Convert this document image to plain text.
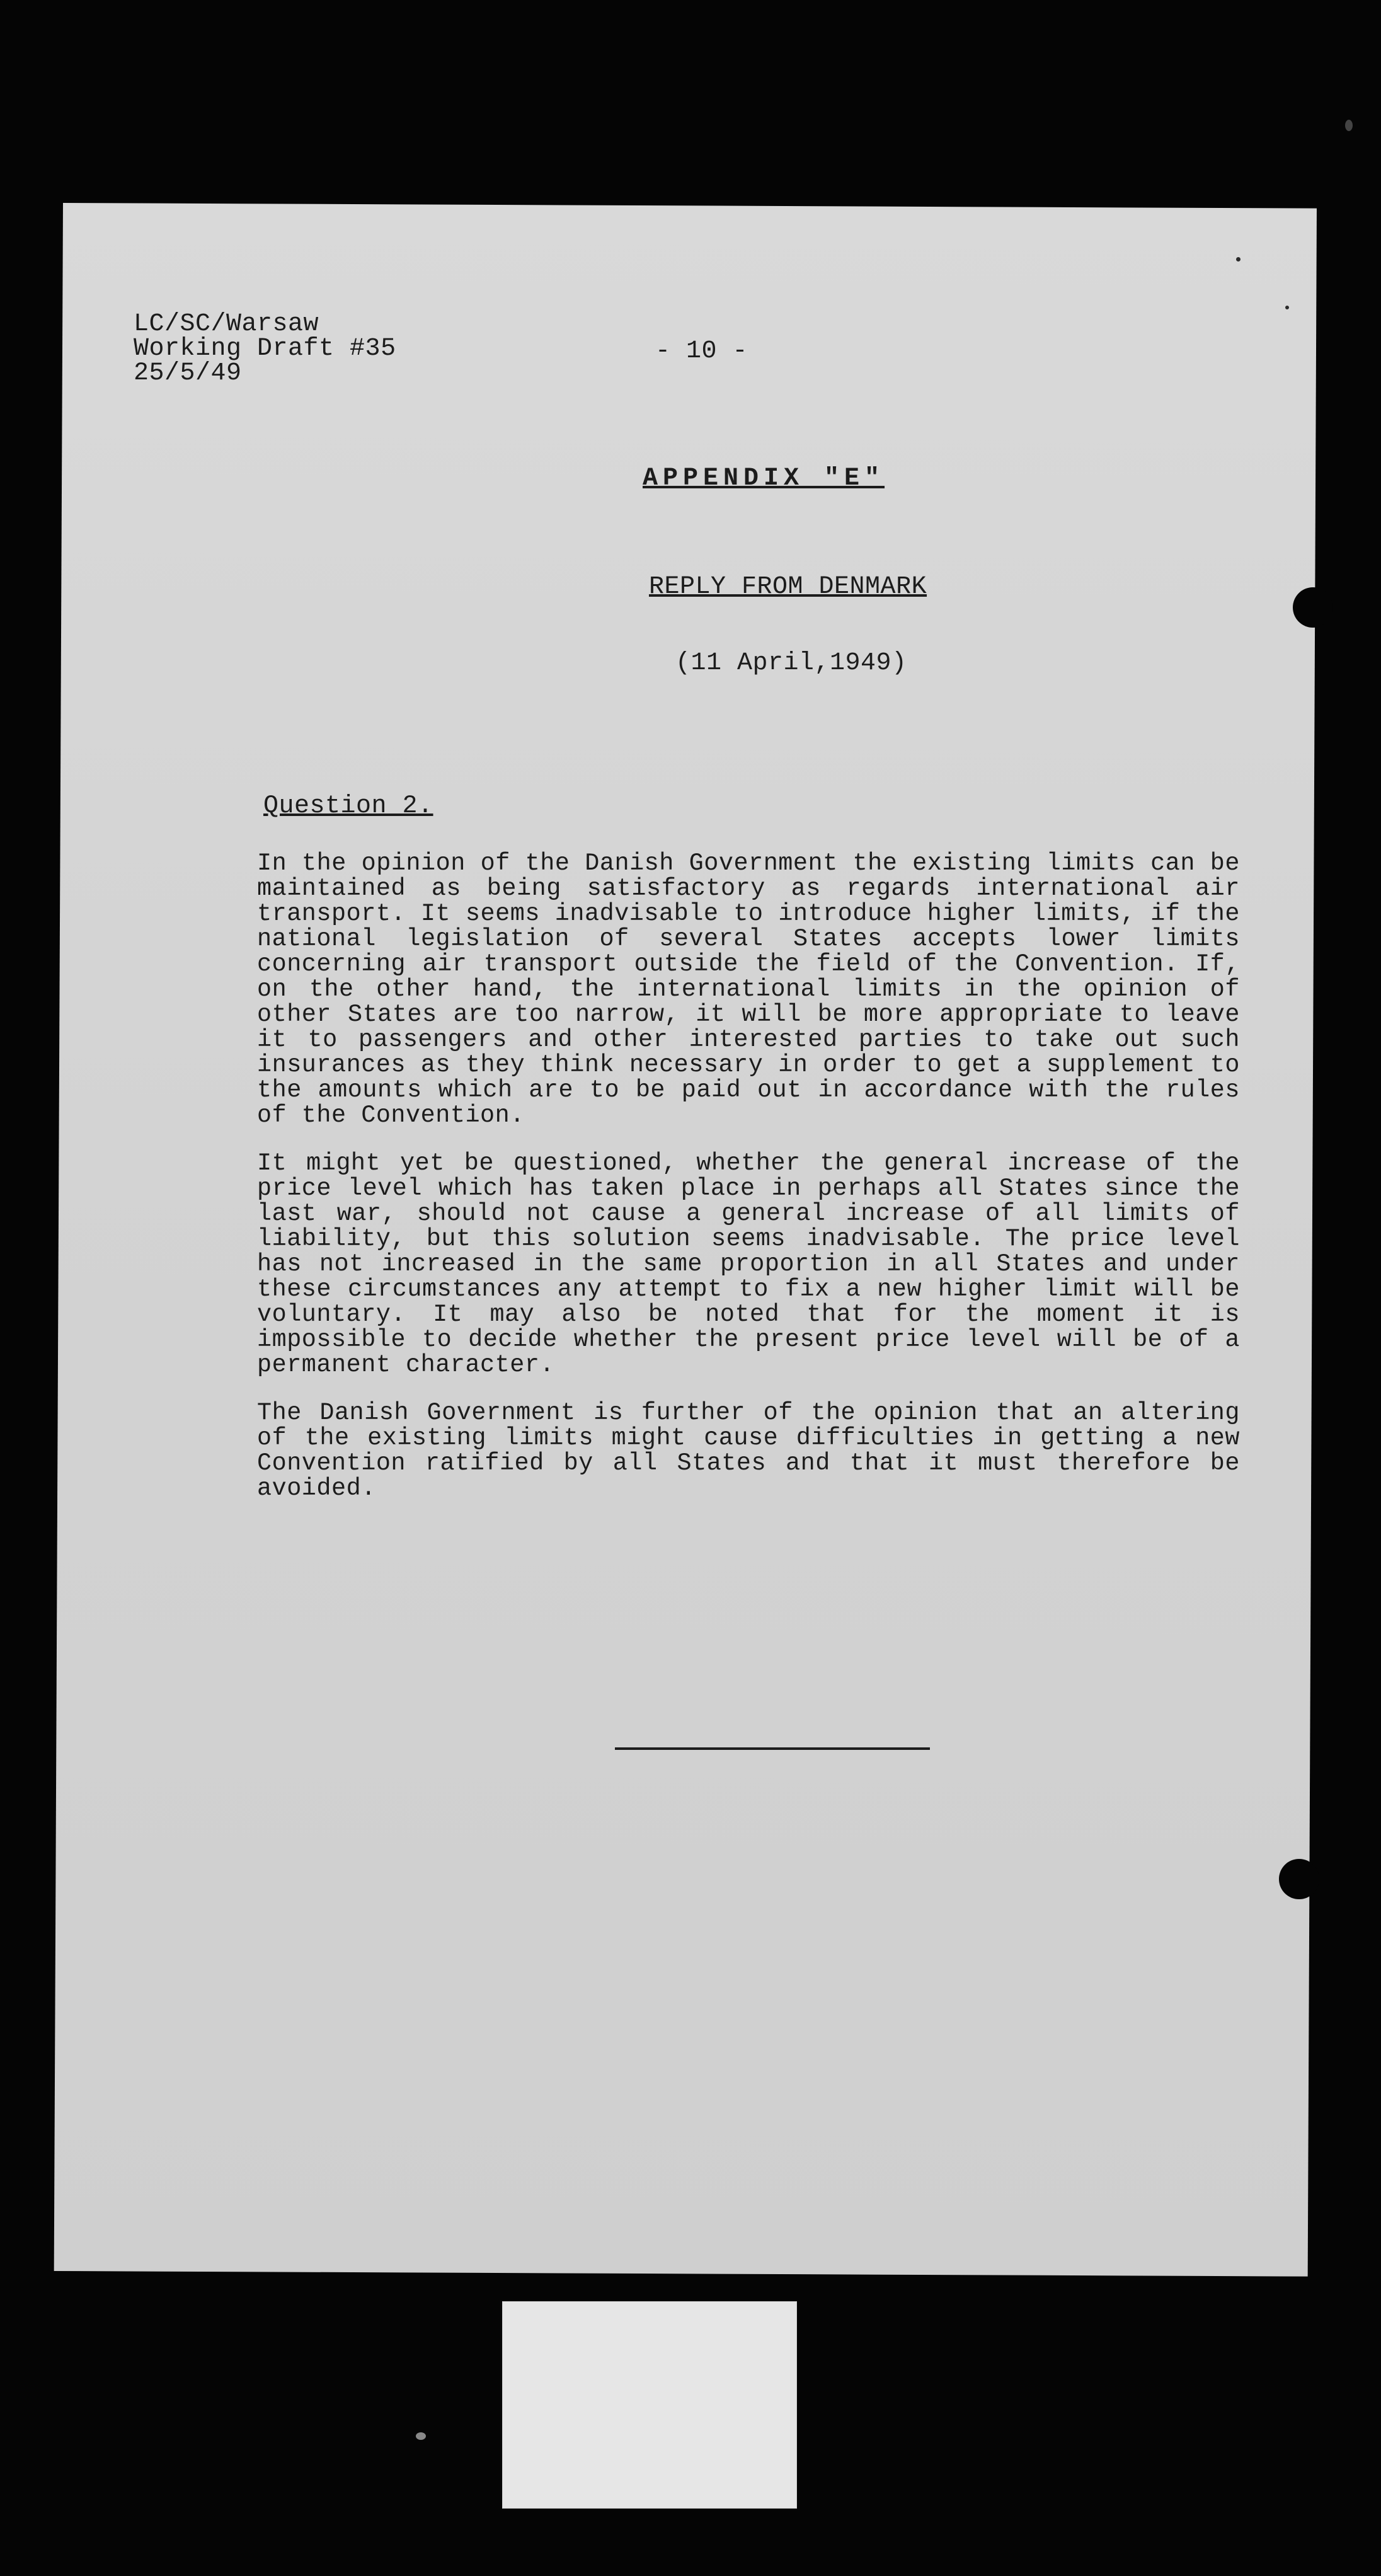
LC/SC/Warsaw
Working Draft #35
25/5/49
- 10 -
APPENDIX "E"
REPLY FROM DENMARK
(11 April,1949)
Question 2.
In the opinion of the Danish Government the existing limits can be maintained as being satisfactory as regards international air transport. It seems inadvisable to introduce higher limits, if the national legislation of several States accepts lower limits concerning air transport outside the field of the Convention. If, on the other hand, the international limits in the opinion of other States are too narrow, it will be more appropriate to leave it to passengers and other interested parties to take out such insurances as they think necessary in order to get a supplement to the amounts which are to be paid out in accordance with the rules of the Convention.
It might yet be questioned, whether the general increase of the price level which has taken place in perhaps all States since the last war, should not cause a general increase of all limits of liability, but this solution seems inadvisable. The price level has not increased in the same proportion in all States and under these circumstances any attempt to fix a new higher limit will be voluntary. It may also be noted that for the moment it is impossible to decide whether the present price level will be of a permanent character.
The Danish Government is further of the opinion that an altering of the existing limits might cause difficulties in getting a new Convention ratified by all States and that it must therefore be avoided.
